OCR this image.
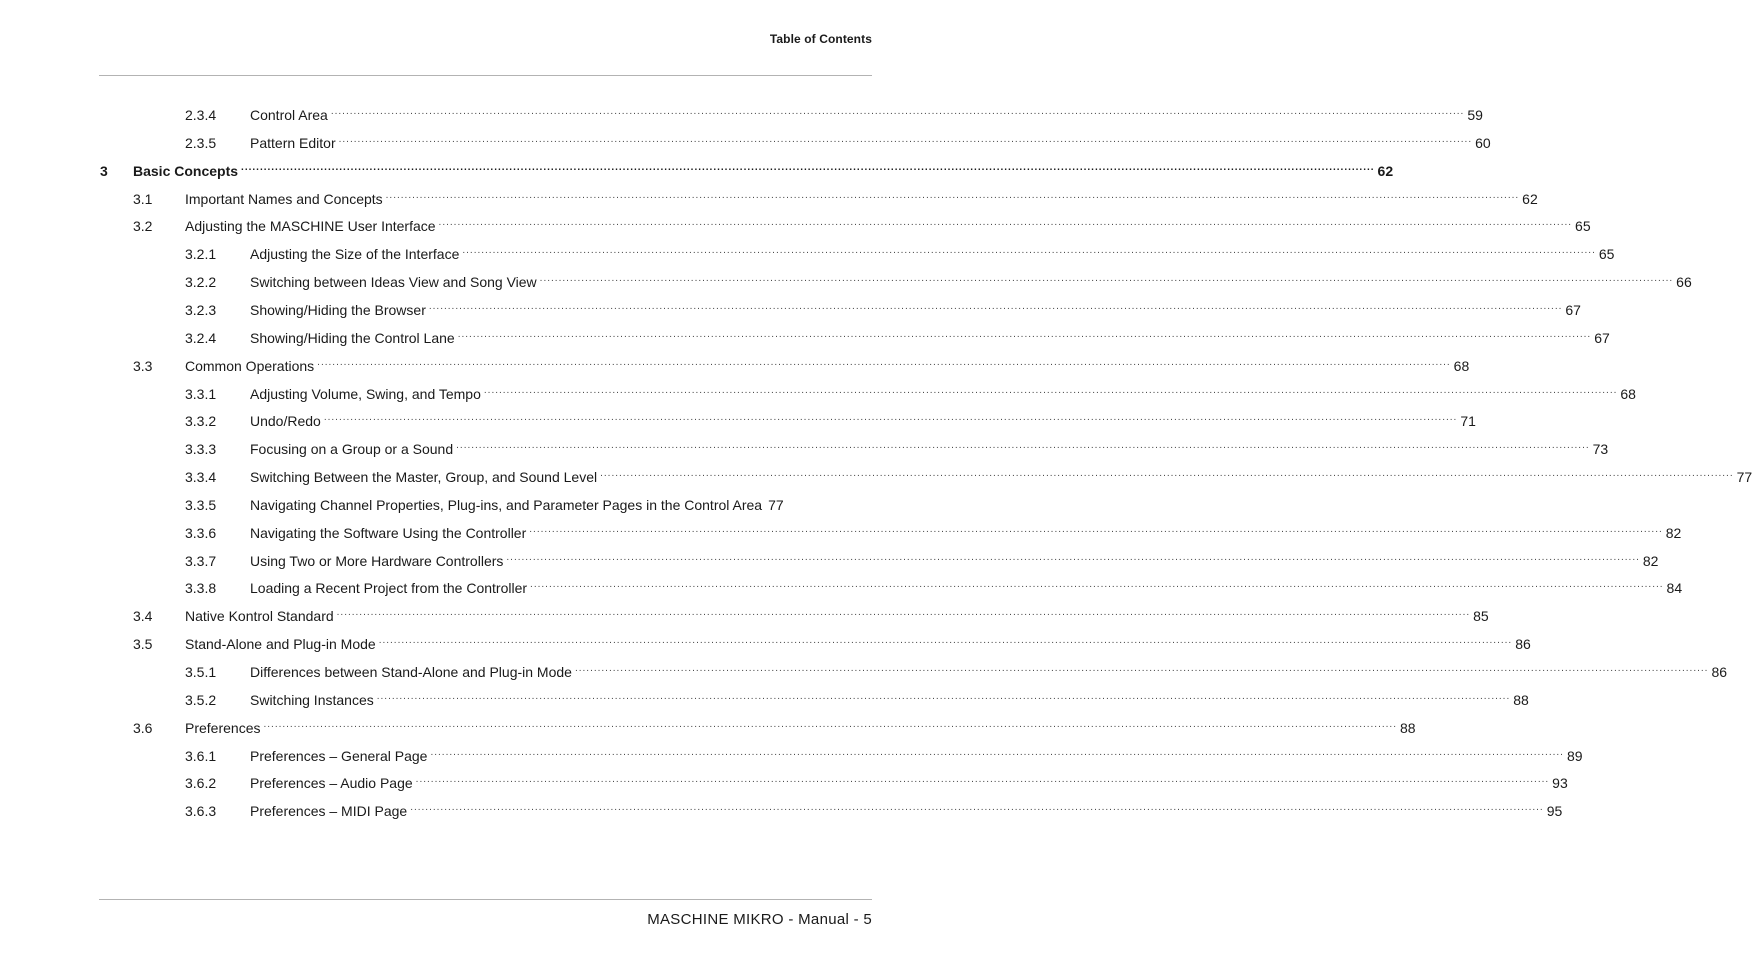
Table of Contents
2.3.4 Control Area ............................................................................................................................................................................................................................................................................................................ 59
2.3.5 Pattern Editor ............................................................................................................................................................................................................................................................................................................ 60
3 Basic Concepts ............................................................................................................................................................................................................................................................................................................ 62
3.1 Important Names and Concepts ............................................................................................................................................................................................................................................................................................................ 62
3.2 Adjusting the MASCHINE User Interface ............................................................................................................................................................................................................................................................................................................ 65
3.2.1 Adjusting the Size of the Interface ............................................................................................................................................................................................................................................................................................................ 65
3.2.2 Switching between Ideas View and Song View ............................................................................................................................................................................................................................................................................................................ 66
3.2.3 Showing/Hiding the Browser ............................................................................................................................................................................................................................................................................................................ 67
3.2.4 Showing/Hiding the Control Lane ............................................................................................................................................................................................................................................................................................................ 67
3.3 Common Operations ............................................................................................................................................................................................................................................................................................................ 68
3.3.1 Adjusting Volume, Swing, and Tempo ............................................................................................................................................................................................................................................................................................................ 68
3.3.2 Undo/Redo ............................................................................................................................................................................................................................................................................................................ 71
3.3.3 Focusing on a Group or a Sound ............................................................................................................................................................................................................................................................................................................ 73
3.3.4 Switching Between the Master, Group, and Sound Level ............................................................................................................................................................................................................................................................................................................ 77
3.3.5 Navigating Channel Properties, Plug-ins, and Parameter Pages in the Control Area 77
3.3.6 Navigating the Software Using the Controller ............................................................................................................................................................................................................................................................................................................ 82
3.3.7 Using Two or More Hardware Controllers ............................................................................................................................................................................................................................................................................................................ 82
3.3.8 Loading a Recent Project from the Controller ............................................................................................................................................................................................................................................................................................................ 84
3.4 Native Kontrol Standard ............................................................................................................................................................................................................................................................................................................ 85
3.5 Stand-Alone and Plug-in Mode ............................................................................................................................................................................................................................................................................................................ 86
3.5.1 Differences between Stand-Alone and Plug-in Mode ............................................................................................................................................................................................................................................................................................................ 86
3.5.2 Switching Instances ............................................................................................................................................................................................................................................................................................................ 88
3.6 Preferences ............................................................................................................................................................................................................................................................................................................ 88
3.6.1 Preferences – General Page ............................................................................................................................................................................................................................................................................................................ 89
3.6.2 Preferences – Audio Page ............................................................................................................................................................................................................................................................................................................ 93
3.6.3 Preferences – MIDI Page ............................................................................................................................................................................................................................................................................................................ 95
MASCHINE MIKRO - Manual - 5
